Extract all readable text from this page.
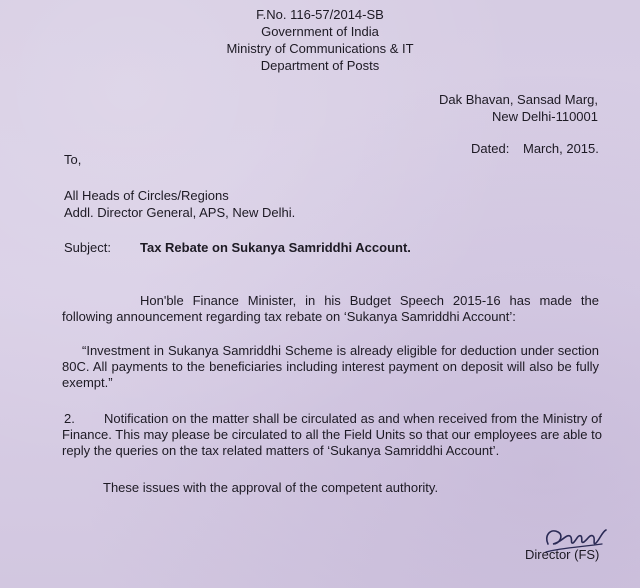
F.No. 116-57/2014-SB

Government of India

Ministry of Communications & IT

Department of Posts

Dak Bhavan, Sansad Marg,

New Delhi-110001

Dated: March, 2015.

To,

All Heads of Circles/Regions

Addl. Director General, APS, New Delhi.

Subject: Tax Rebate on Sukanya Samriddhi Account.

Hon'ble Finance Minister, in his Budget Speech 2015-16 has made the following announcement regarding tax rebate on ‘Sukanya Samriddhi Account’:

“Investment in Sukanya Samriddhi Scheme is already eligible for deduction under section 80C. All payments to the beneficiaries including interest payment on deposit will also be fully exempt.”

2.	Notification on the matter shall be circulated as and when received from the Ministry of Finance. This may please be circulated to all the Field Units so that our employees are able to reply the queries on the tax related matters of ‘Sukanya Samriddhi Account’.

These issues with the approval of the competent authority.

Director (FS)
